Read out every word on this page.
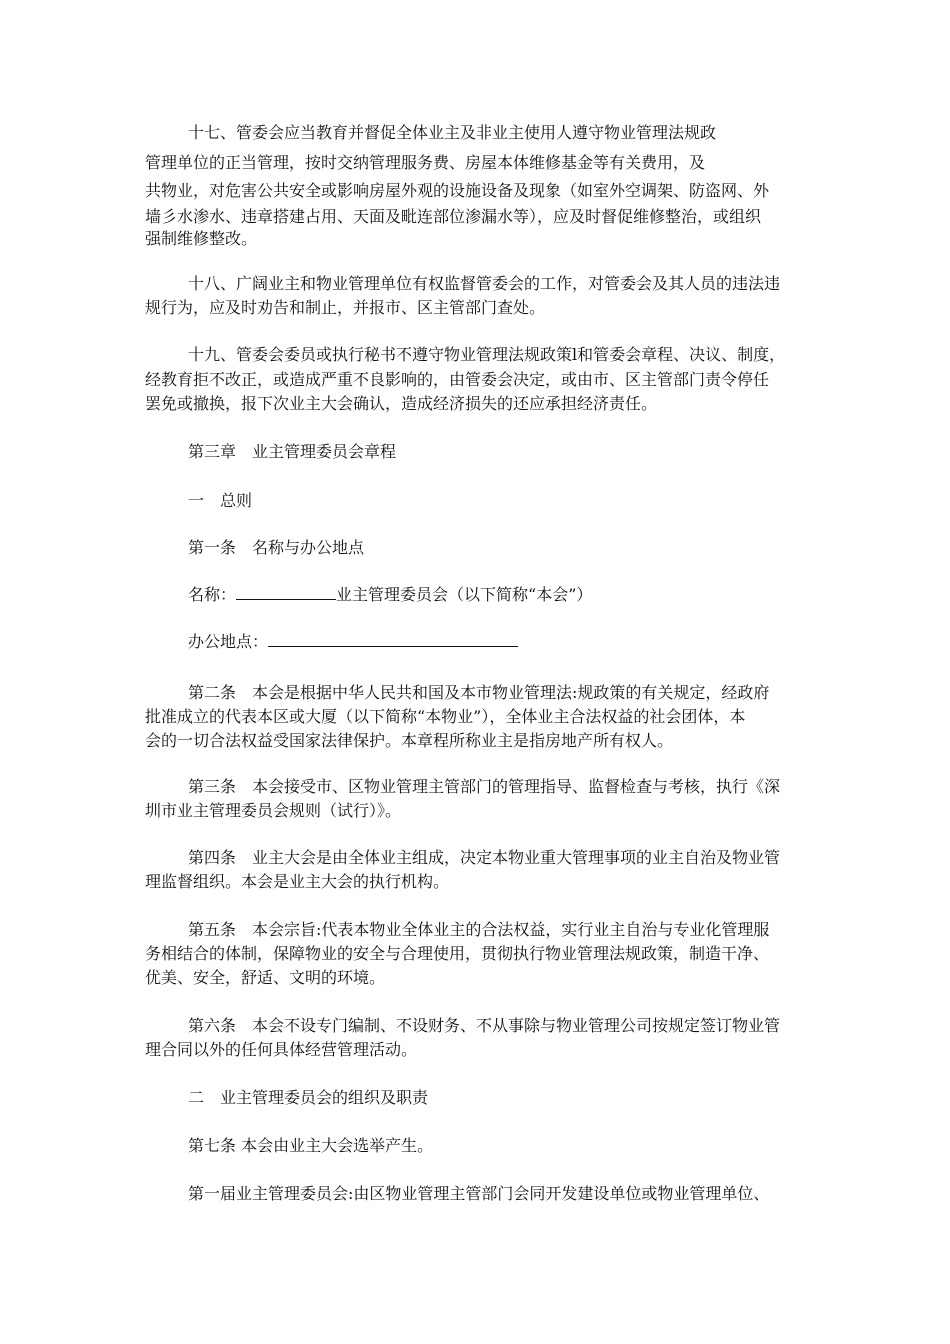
十七、管委会应当教育并督促全体业主及非业主使用人遵守物业管理法规政
管理单位的正当管理，按时交纳管理服务费、房屋本体维修基金等有关费用，及
共物业，对危害公共安全或影响房屋外观的设施设备及现象（如室外空调架、防盗网、外
墙彡水渗水、违章搭建占用、天面及毗连部位渗漏水等），应及时督促维修整治，或组织
强制维修整改。
十八、广阔业主和物业管理单位有权监督管委会的工作，对管委会及其人员的违法违
规行为，应及时劝告和制止，并报市、区主管部门查处。
十九、管委会委员或执行秘书不遵守物业管理法规政策l和管委会章程、决议、制度，
经教育拒不改正，或造成严重不良影响的，由管委会决定，或由市、区主管部门责令停任
罢免或撤换，报下次业主大会确认，造成经济损失的还应承担经济责任。
第三章　业主管理委员会章程
一　总则
第一条　名称与办公地点
名称：	业主管理委员会（以下简称“本会”）
办公地点：
第二条　本会是根据中华人民共和国及本市物业管理法:规政策的有关规定，经政府
批准成立的代表本区或大厦（以下简称“本物业”），全体业主合法权益的社会团体，本
会的一切合法权益受国家法律保护。本章程所称业主是指房地产所有权人。
第三条　本会接受市、区物业管理主管部门的管理指导、监督检查与考核，执行《深
圳市业主管理委员会规则（试行）》。
第四条　业主大会是由全体业主组成，决定本物业重大管理事项的业主自治及物业管
理监督组织。本会是业主大会的执行机构。
第五条　本会宗旨:代表本物业全体业主的合法权益，实行业主自治与专业化管理服
务相结合的体制，保障物业的安全与合理使用，贯彻执行物业管理法规政策，制造干净、
优美、安全，舒适、文明的环境。
第六条　本会不设专门编制、不设财务、不从事除与物业管理公司按规定签订物业管
理合同以外的任何具体经营管理活动。
二　业主管理委员会的组织及职责
第七条 本会由业主大会选举产生。
第一届业主管理委员会:由区物业管理主管部门会同开发建设单位或物业管理单位、
